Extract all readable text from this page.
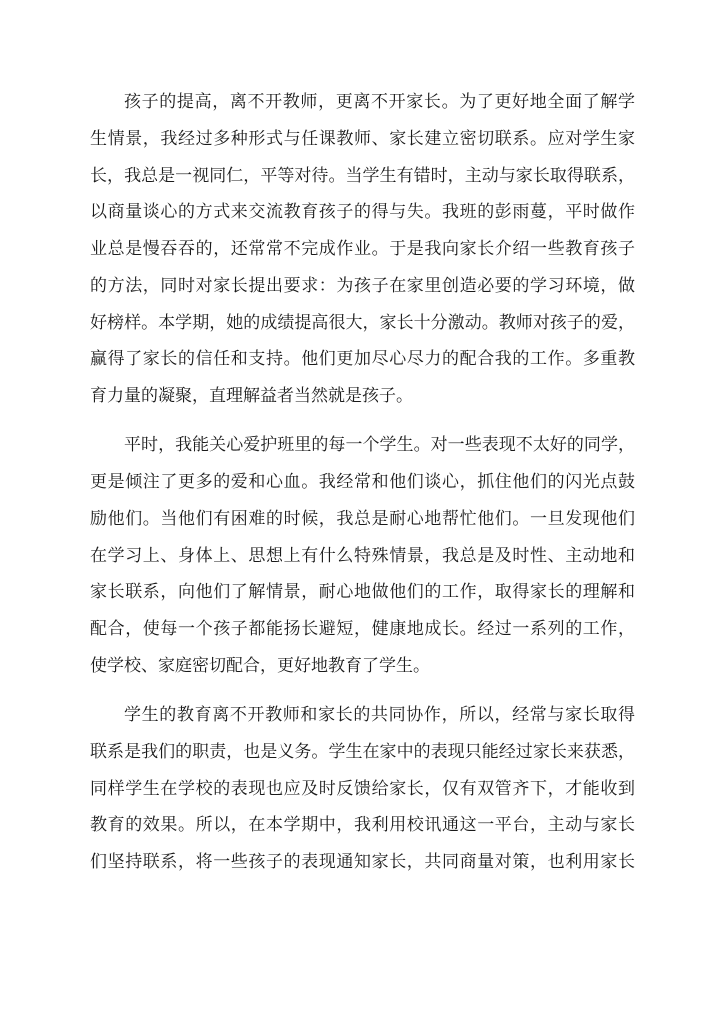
孩子的提高，离不开教师，更离不开家长。为了更好地全面了解学
生情景，我经过多种形式与任课教师、家长建立密切联系。应对学生家
长，我总是一视同仁，平等对待。当学生有错时，主动与家长取得联系，
以商量谈心的方式来交流教育孩子的得与失。我班的彭雨蔓，平时做作
业总是慢吞吞的，还常常不完成作业。于是我向家长介绍一些教育孩子
的方法，同时对家长提出要求：为孩子在家里创造必要的学习环境，做
好榜样。本学期，她的成绩提高很大，家长十分激动。教师对孩子的爱，
赢得了家长的信任和支持。他们更加尽心尽力的配合我的工作。多重教
育力量的凝聚，直理解益者当然就是孩子。
平时，我能关心爱护班里的每一个学生。对一些表现不太好的同学，
更是倾注了更多的爱和心血。我经常和他们谈心，抓住他们的闪光点鼓
励他们。当他们有困难的时候，我总是耐心地帮忙他们。一旦发现他们
在学习上、身体上、思想上有什么特殊情景，我总是及时性、主动地和
家长联系，向他们了解情景，耐心地做他们的工作，取得家长的理解和
配合，使每一个孩子都能扬长避短，健康地成长。经过一系列的工作，
使学校、家庭密切配合，更好地教育了学生。
学生的教育离不开教师和家长的共同协作，所以，经常与家长取得
联系是我们的职责，也是义务。学生在家中的表现只能经过家长来获悉，
同样学生在学校的表现也应及时反馈给家长，仅有双管齐下，才能收到
教育的效果。所以，在本学期中，我利用校讯通这一平台，主动与家长
们坚持联系，将一些孩子的表现通知家长，共同商量对策，也利用家长
